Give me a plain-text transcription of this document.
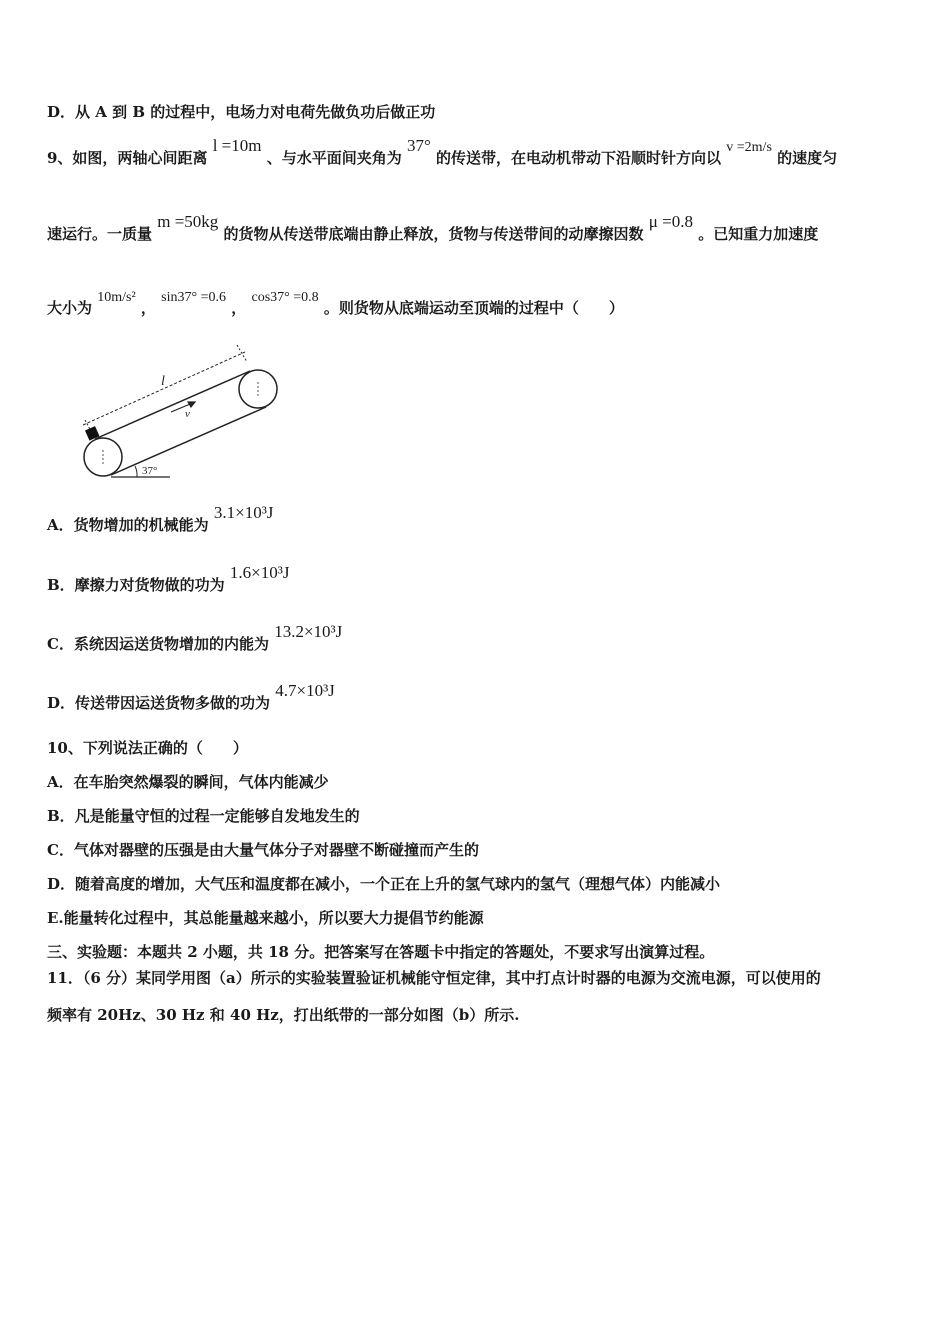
D．从 A 到 B 的过程中，电场力对电荷先做负功后做正功
9、如图，两轴心间距离 l =10m 、与水平面间夹角为 37° 的传送带，在电动机带动下沿顺时针方向以 v =2m/s 的速度匀
速运行。一质量 m =50kg 的货物从传送带底端由静止释放，货物与传送带间的动摩擦因数 μ =0.8 。已知重力加速度
大小为 10m/s² ， sin37° =0.6 ， cos37° =0.8 。则货物从底端运动至顶端的过程中（　　）
l
v
37°
A．货物增加的机械能为 3.1×10³J
B．摩擦力对货物做的功为 1.6×10³J
C．系统因运送货物增加的内能为 13.2×10³J
D．传送带因运送货物多做的功为 4.7×10³J
10、下列说法正确的（　　）
A．在车胎突然爆裂的瞬间，气体内能减少
B．凡是能量守恒的过程一定能够自发地发生的
C．气体对器壁的压强是由大量气体分子对器壁不断碰撞而产生的
D．随着高度的增加，大气压和温度都在减小，一个正在上升的氢气球内的氢气（理想气体）内能减小
E.能量转化过程中，其总能量越来越小，所以要大力提倡节约能源
三、实验题：本题共 2 小题，共 18 分。把答案写在答题卡中指定的答题处，不要求写出演算过程。
11．（6 分）某同学用图（a）所示的实验装置验证机械能守恒定律，其中打点计时器的电源为交流电源，可以使用的
频率有 20Hz、30 Hz 和 40 Hz，打出纸带的一部分如图（b）所示.
